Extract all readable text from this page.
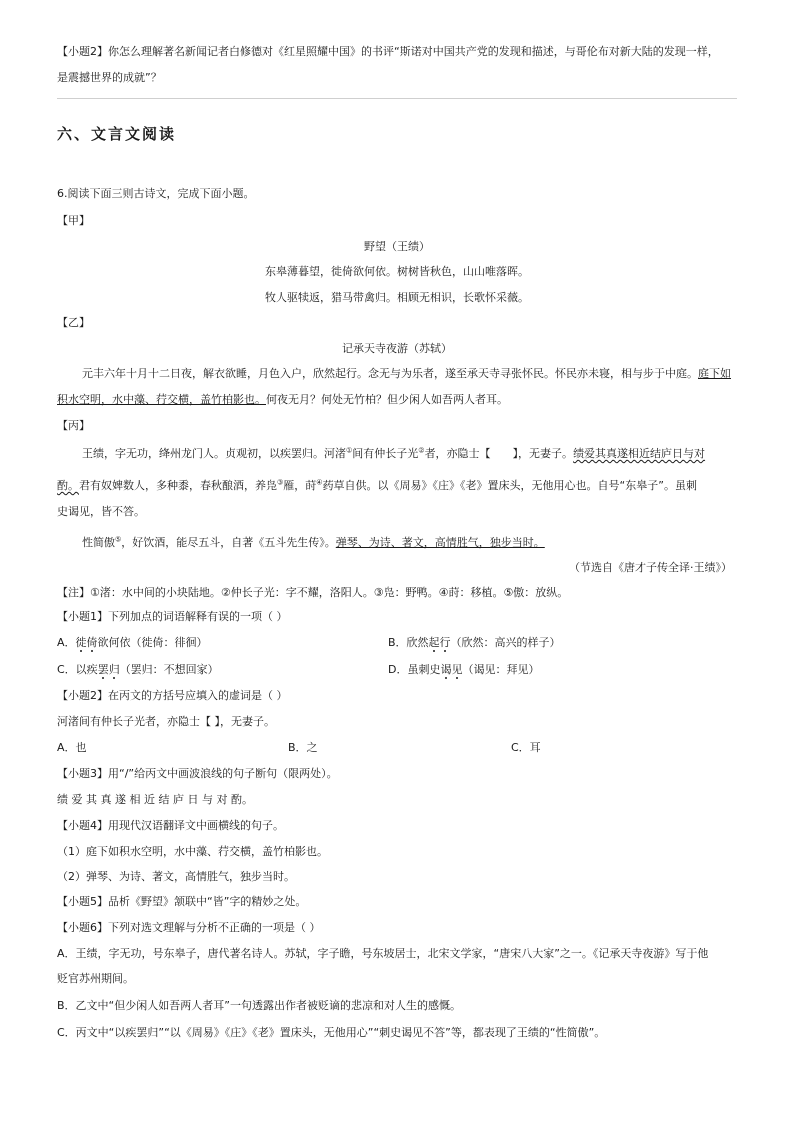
【小题2】你怎么理解著名新闻记者白修德对《红星照耀中国》的书评“斯诺对中国共产党的发现和描述，与哥伦布对新大陆的发现一样，
是震撼世界的成就”？
六、文言文阅读
6.阅读下面三则古诗文，完成下面小题。
【甲】
野望（王绩）
东皋薄暮望，徙倚欲何依。树树皆秋色，山山唯落晖。
牧人驱犊返，猎马带禽归。相顾无相识，长歌怀采薇。
【乙】
记承天寺夜游（苏轼）
元丰六年十月十二日夜，解衣欲睡，月色入户，欣然起行。念无与为乐者，遂至承天寺寻张怀民。怀民亦未寝，相与步于中庭。庭下如
积水空明，水中藻、荇交横，盖竹柏影也。何夜无月？何处无竹柏？但少闲人如吾两人者耳。
【丙】
王绩，字无功，绛州龙门人。贞观初，以疾罢归。河渚①间有仲长子光②者，亦隐士【 】，无妻子。绩爱其真遂相近结庐日与对
酌。君有奴婢数人，多种黍，春秋酿酒，养凫③雁，莳④药草自供。以《周易》《庄》《老》置床头，无他用心也。自号“东皋子”。虽刺
史谒见，皆不答。
性简傲⑤，好饮酒，能尽五斗，自著《五斗先生传》。弹琴、为诗、著文，高情胜气，独步当时。
（节选自《唐才子传全译·王绩》）
【注】①渚：水中间的小块陆地。②仲长子光：字不耀，洛阳人。③凫：野鸭。④莳：移植。⑤傲：放纵。
【小题1】下列加点的词语解释有误的一项（ ）
A．徙倚欲何依（徙倚：徘徊）	B．欣然起行（欣然：高兴的样子）
C．以疾罢归（罢归：不想回家）	D．虽刺史谒见（谒见：拜见）
【小题2】在丙文的方括号应填入的虚词是（ ）
河渚间有仲长子光者，亦隐士【 】，无妻子。
A．也	B．之	C．耳
【小题3】用“/”给丙文中画波浪线的句子断句（限两处）。
绩 爱 其 真 遂 相 近 结 庐 日 与 对 酌。
【小题4】用现代汉语翻译文中画横线的句子。
（1）庭下如积水空明，水中藻、荇交横，盖竹柏影也。
（2）弹琴、为诗、著文，高情胜气，独步当时。
【小题5】品析《野望》颔联中“皆”字的精妙之处。
【小题6】下列对选文理解与分析不正确的一项是（ ）
A．王绩，字无功，号东皋子，唐代著名诗人。苏轼，字子瞻，号东坡居士，北宋文学家，“唐宋八大家”之一。《记承天寺夜游》写于他
贬官苏州期间。
B．乙文中“但少闲人如吾两人者耳”一句透露出作者被贬谪的悲凉和对人生的感慨。
C．丙文中“以疾罢归”“以《周易》《庄》《老》置床头，无他用心”“刺史谒见不答”等，都表现了王绩的“性简傲”。
